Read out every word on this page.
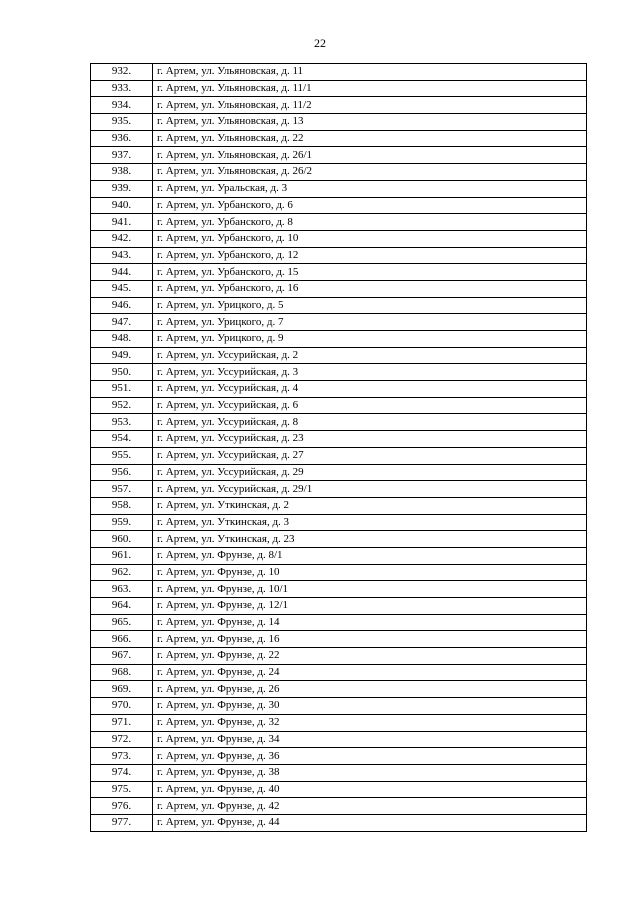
22
932.	г. Артем, ул. Ульяновская, д. 11
933.	г. Артем, ул. Ульяновская, д. 11/1
934.	г. Артем, ул. Ульяновская, д. 11/2
935.	г. Артем, ул. Ульяновская, д. 13
936.	г. Артем, ул. Ульяновская, д. 22
937.	г. Артем, ул. Ульяновская, д. 26/1
938.	г. Артем, ул. Ульяновская, д. 26/2
939.	г. Артем, ул. Уральская, д. 3
940.	г. Артем, ул. Урбанского, д. 6
941.	г. Артем, ул. Урбанского, д. 8
942.	г. Артем, ул. Урбанского, д. 10
943.	г. Артем, ул. Урбанского, д. 12
944.	г. Артем, ул. Урбанского, д. 15
945.	г. Артем, ул. Урбанского, д. 16
946.	г. Артем, ул. Урицкого, д. 5
947.	г. Артем, ул. Урицкого, д. 7
948.	г. Артем, ул. Урицкого, д. 9
949.	г. Артем, ул. Уссурийская, д. 2
950.	г. Артем, ул. Уссурийская, д. 3
951.	г. Артем, ул. Уссурийская, д. 4
952.	г. Артем, ул. Уссурийская, д. 6
953.	г. Артем, ул. Уссурийская, д. 8
954.	г. Артем, ул. Уссурийская, д. 23
955.	г. Артем, ул. Уссурийская, д. 27
956.	г. Артем, ул. Уссурийская, д. 29
957.	г. Артем, ул. Уссурийская, д. 29/1
958.	г. Артем, ул. Уткинская, д. 2
959.	г. Артем, ул. Уткинская, д. 3
960.	г. Артем, ул. Уткинская, д. 23
961.	г. Артем, ул. Фрунзе, д. 8/1
962.	г. Артем, ул. Фрунзе, д. 10
963.	г. Артем, ул. Фрунзе, д. 10/1
964.	г. Артем, ул. Фрунзе, д. 12/1
965.	г. Артем, ул. Фрунзе, д. 14
966.	г. Артем, ул. Фрунзе, д. 16
967.	г. Артем, ул. Фрунзе, д. 22
968.	г. Артем, ул. Фрунзе, д. 24
969.	г. Артем, ул. Фрунзе, д. 26
970.	г. Артем, ул. Фрунзе, д. 30
971.	г. Артем, ул. Фрунзе, д. 32
972.	г. Артем, ул. Фрунзе, д. 34
973.	г. Артем, ул. Фрунзе, д. 36
974.	г. Артем, ул. Фрунзе, д. 38
975.	г. Артем, ул. Фрунзе, д. 40
976.	г. Артем, ул. Фрунзе, д. 42
977.	г. Артем, ул. Фрунзе, д. 44
